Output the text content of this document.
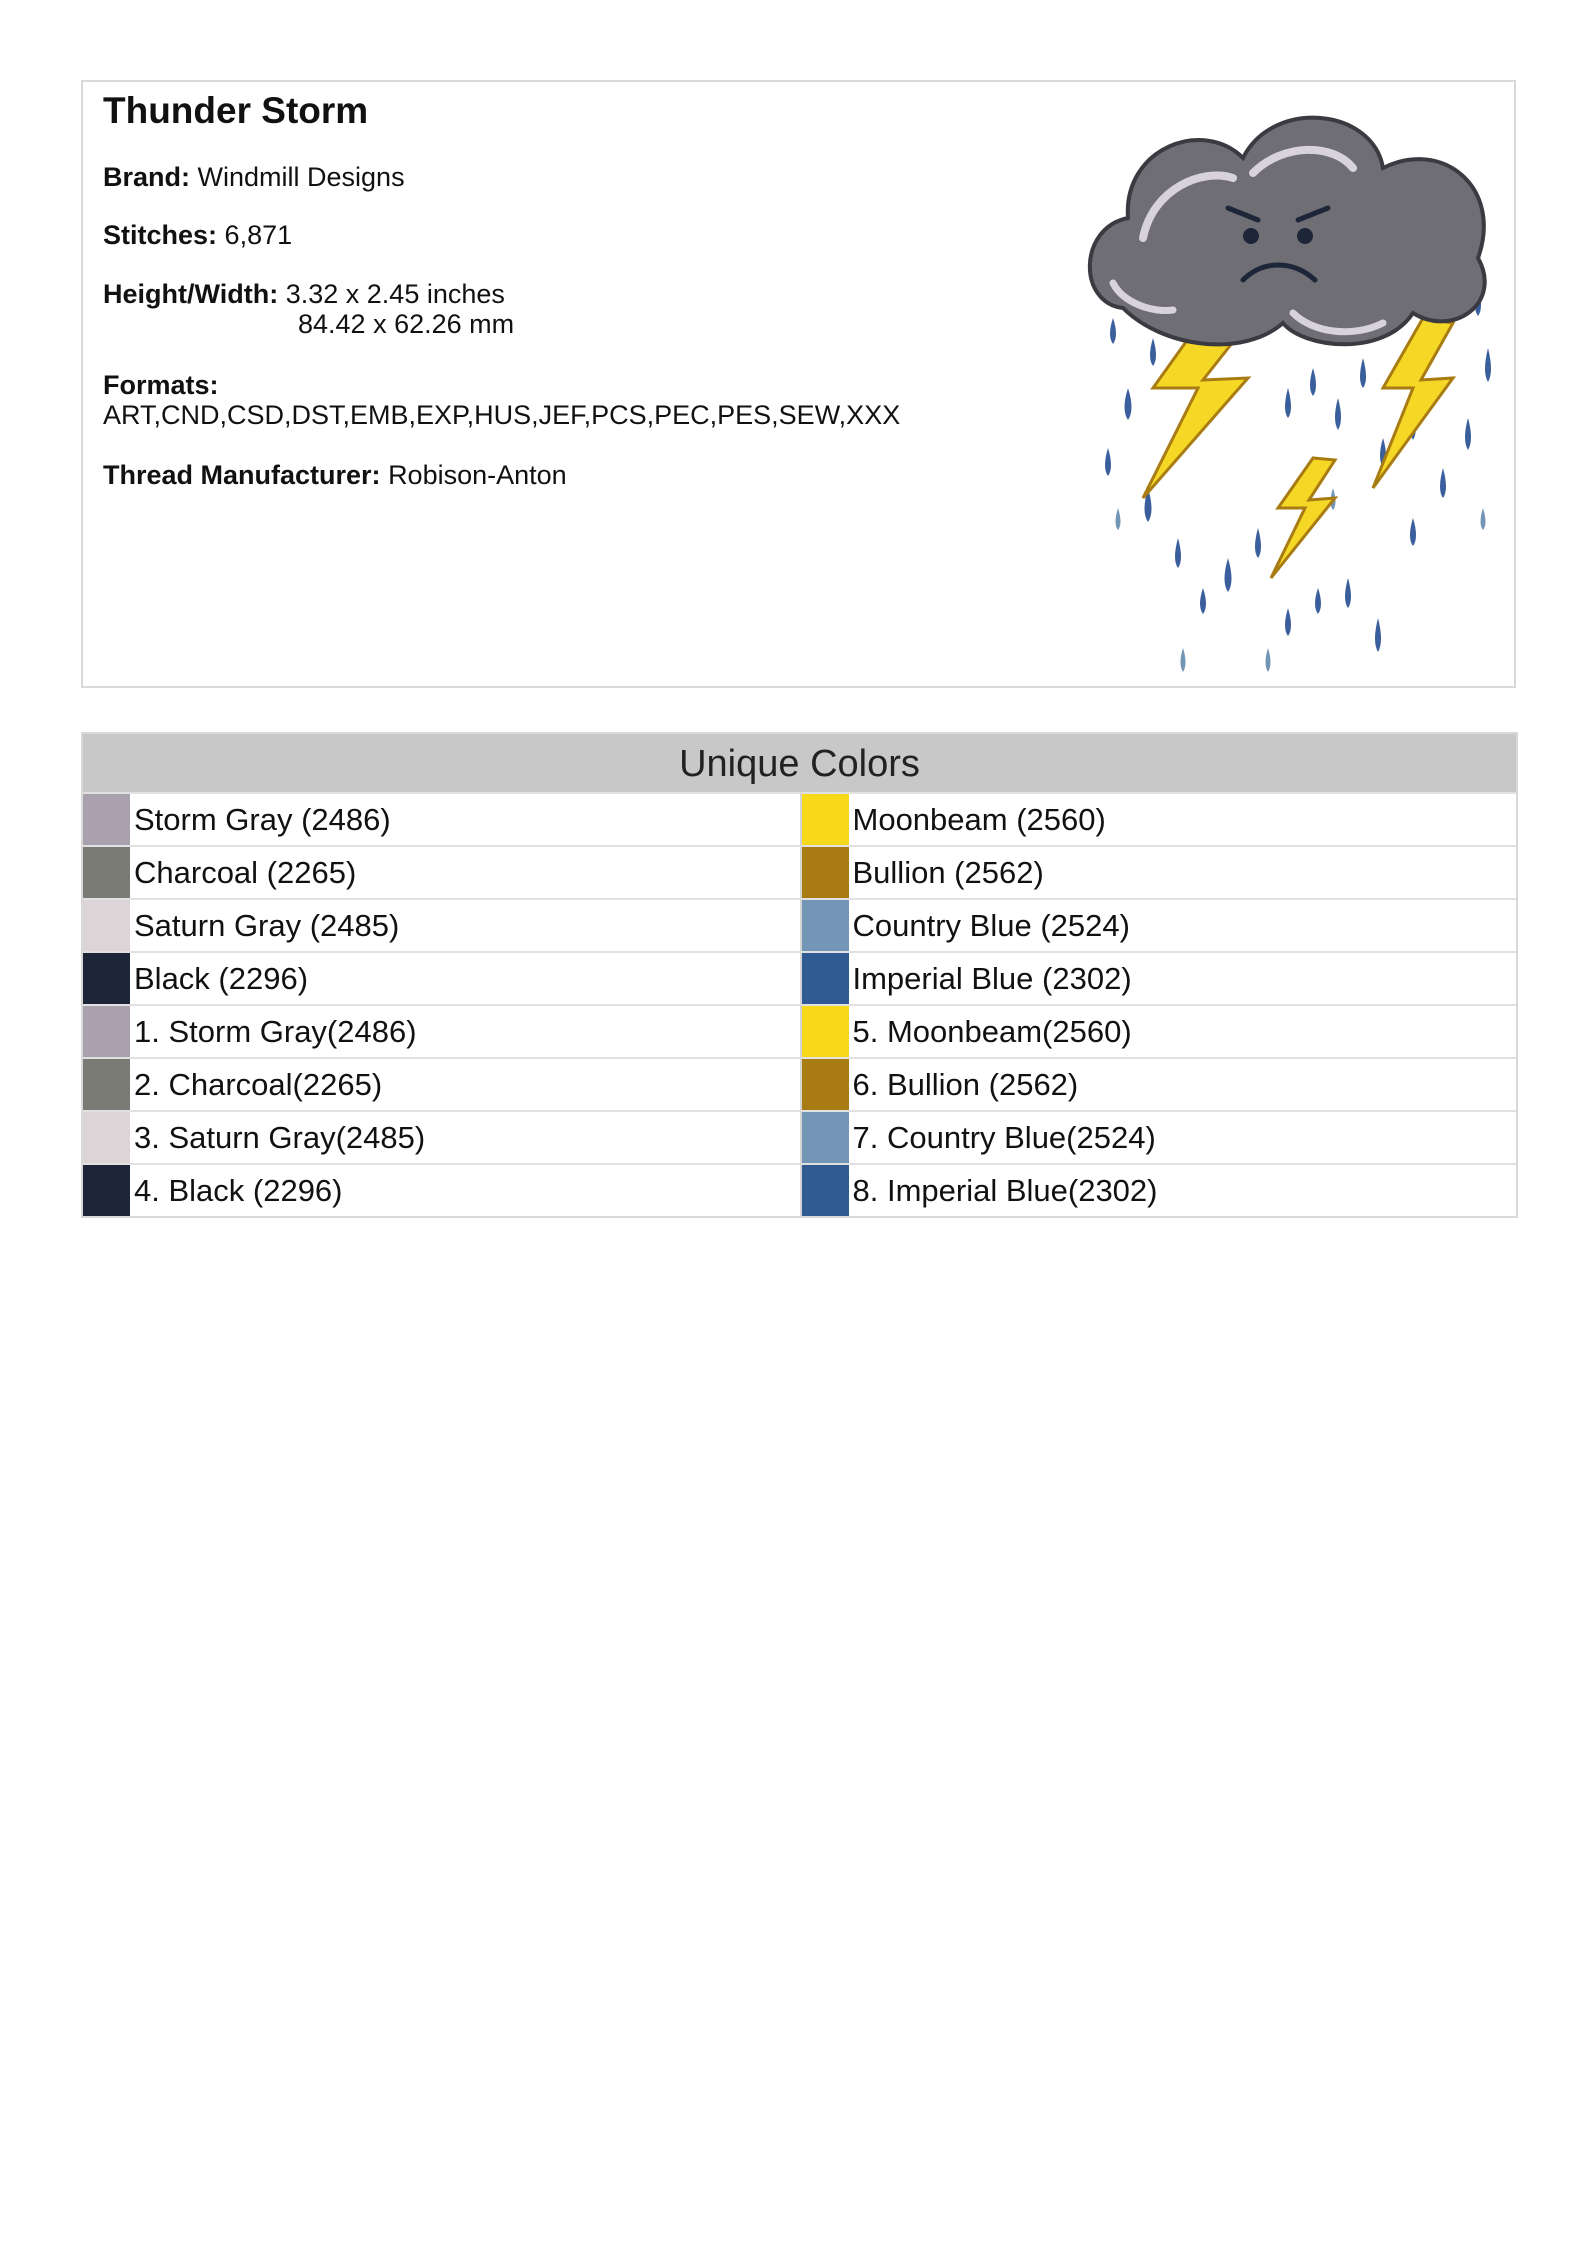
Thunder Storm
Brand: Windmill Designs
Stitches: 6,871
Height/Width: 3.32 x 2.45 inches
84.42 x 62.26 mm
Formats:
ART,CND,CSD,DST,EMB,EXP,HUS,JEF,PCS,PEC,PES,SEW,XXX
Thread Manufacturer: Robison-Anton
Unique Colors
Storm Gray (2486)	Moonbeam (2560)
Charcoal (2265)	Bullion (2562)
Saturn Gray (2485)	Country Blue (2524)
Black (2296)	Imperial Blue (2302)
1. Storm Gray(2486)	5. Moonbeam(2560)
2. Charcoal(2265)	6. Bullion (2562)
3. Saturn Gray(2485)	7. Country Blue(2524)
4. Black (2296)	8. Imperial Blue(2302)
